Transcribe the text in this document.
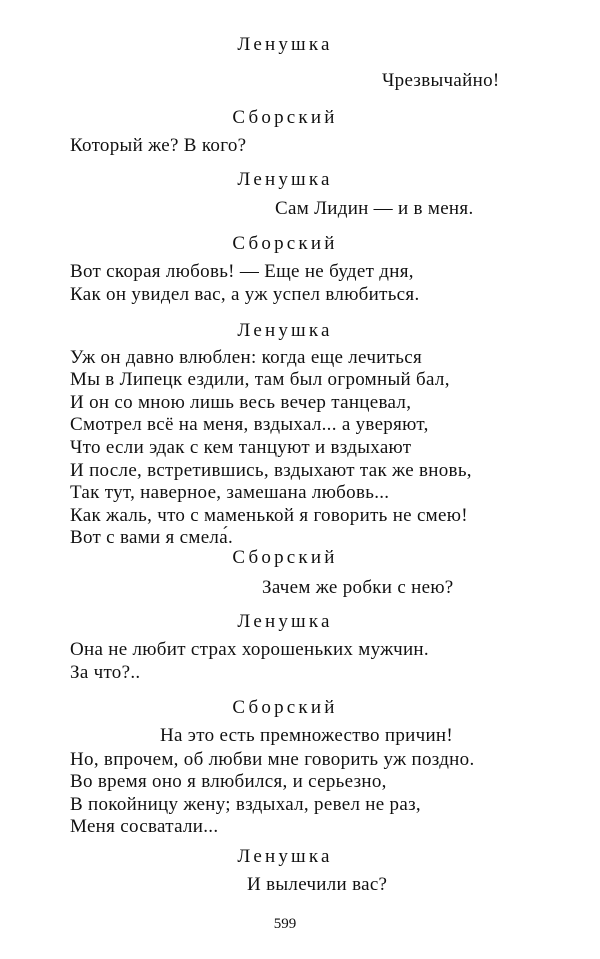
Ленушка
Чрезвычайно!
Сборский
Который же? В кого?
Ленушка
Сам Лидин — и в меня.
Сборский
Вот скорая любовь! — Еще не будет дня,
Как он увидел вас, а уж успел влюбиться.
Ленушка
Уж он давно влюблен: когда еще лечиться
Мы в Липецк ездили, там был огромный бал,
И он со мною лишь весь вечер танцевал,
Смотрел всё на меня, вздыхал... а уверяют,
Что если эдак с кем танцуют и вздыхают
И после, встретившись, вздыхают так же вновь,
Так тут, наверное, замешана любовь...
Как жаль, что с маменькой я говорить не смею!
Вот с вами я смела́.
Сборский
Зачем же робки с нею?
Ленушка
Она не любит страх хорошеньких мужчин.
За что?..
Сборский
На это есть премножество причин!
Но, впрочем, об любви мне говорить уж поздно.
Во время оно я влюбился, и серьезно,
В покойницу жену; вздыхал, ревел не раз,
Меня сосватали...
Ленушка
И вылечили вас?
599
